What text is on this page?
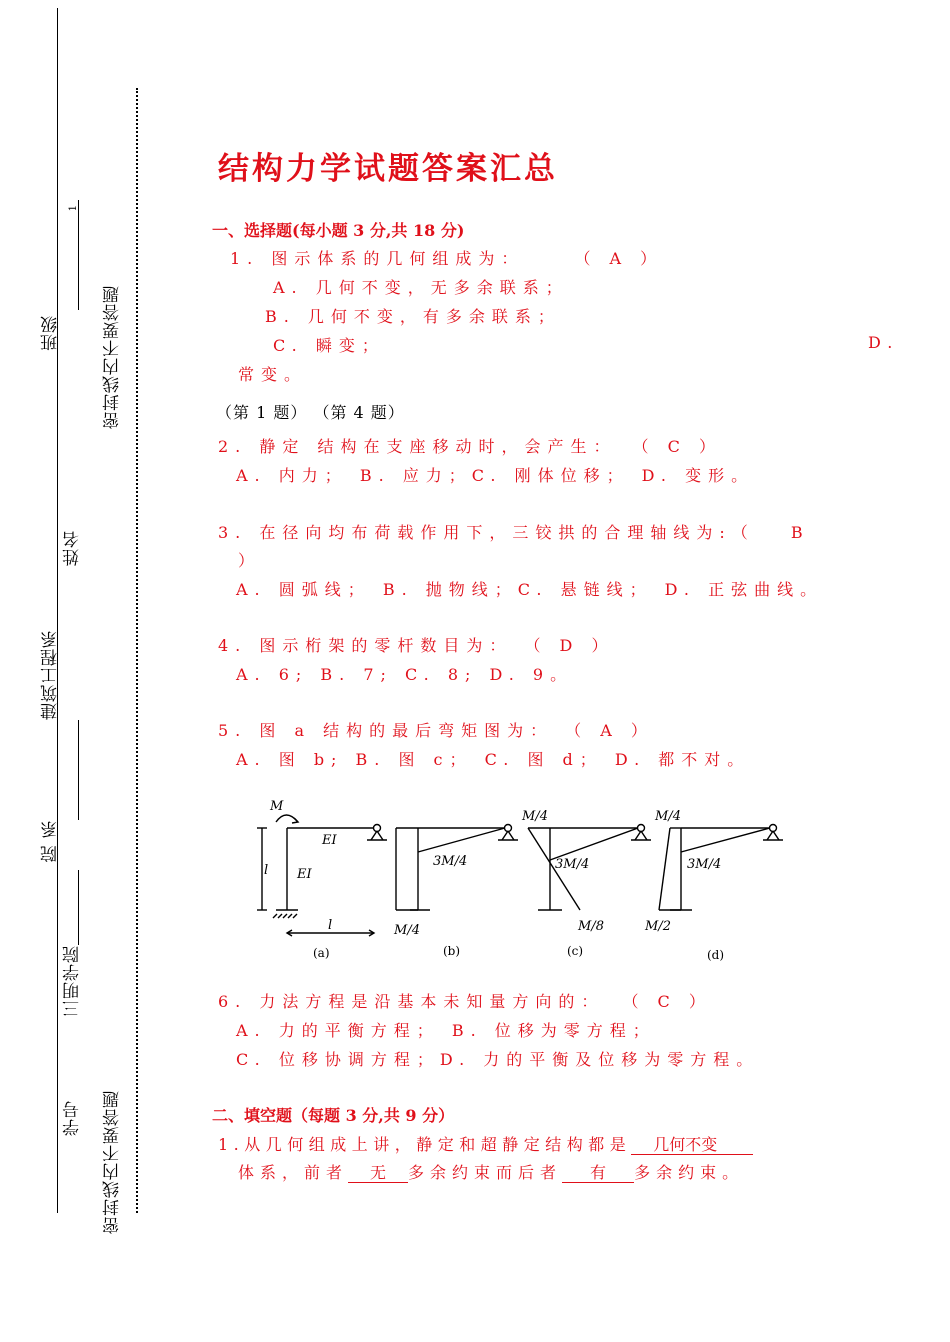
班级
1
密封线内不要答题
姓名
建筑工程系
院 系
三明学院
学号 密封线内不要答题
结构力学试题答案汇总
一、选择题(每小题 3 分,共 18 分)
1. 图示体系的几何组成为：	（ A ）
A. 几何不变，无多余联系；
B. 几何不变，有多余联系；
C. 瞬变；	D.
常变。
（第 1 题） （第 4 题）
2. 静定 结构在支座移动时，会产生： （ C ）
A. 内力； B. 应力；C. 刚体位移； D. 变形。
3. 在径向均布荷载作用下，三铰拱的合理轴线为:（ B
）
A. 圆弧线； B. 抛物线；C. 悬链线； D. 正弦曲线。
4. 图示桁架的零杆数目为： （ D ）
A. 6; B. 7; C. 8; D. 9。
5. 图 a 结构的最后弯矩图为： （ A ）
A. 图 b; B. 图 c； C. 图 d； D. 都不对。
M
EI
EI
l
l
3M/4
M/4
M/4
3M/4
M/8
M/4
3M/4
M/2
(a)	(b)	(c)	(d)
6. 力法方程是沿基本未知量方向的： （ C ）
A. 力的平衡方程； B. 位移为零方程；
C. 位移协调方程；D. 力的平衡及位移为零方程。
二、填空题（每题 3 分,共 9 分）
1.从几何组成上讲，静定和超静定结构都是 几何不变
体系，前者 无 多余约束而后者 有 多余约束。
